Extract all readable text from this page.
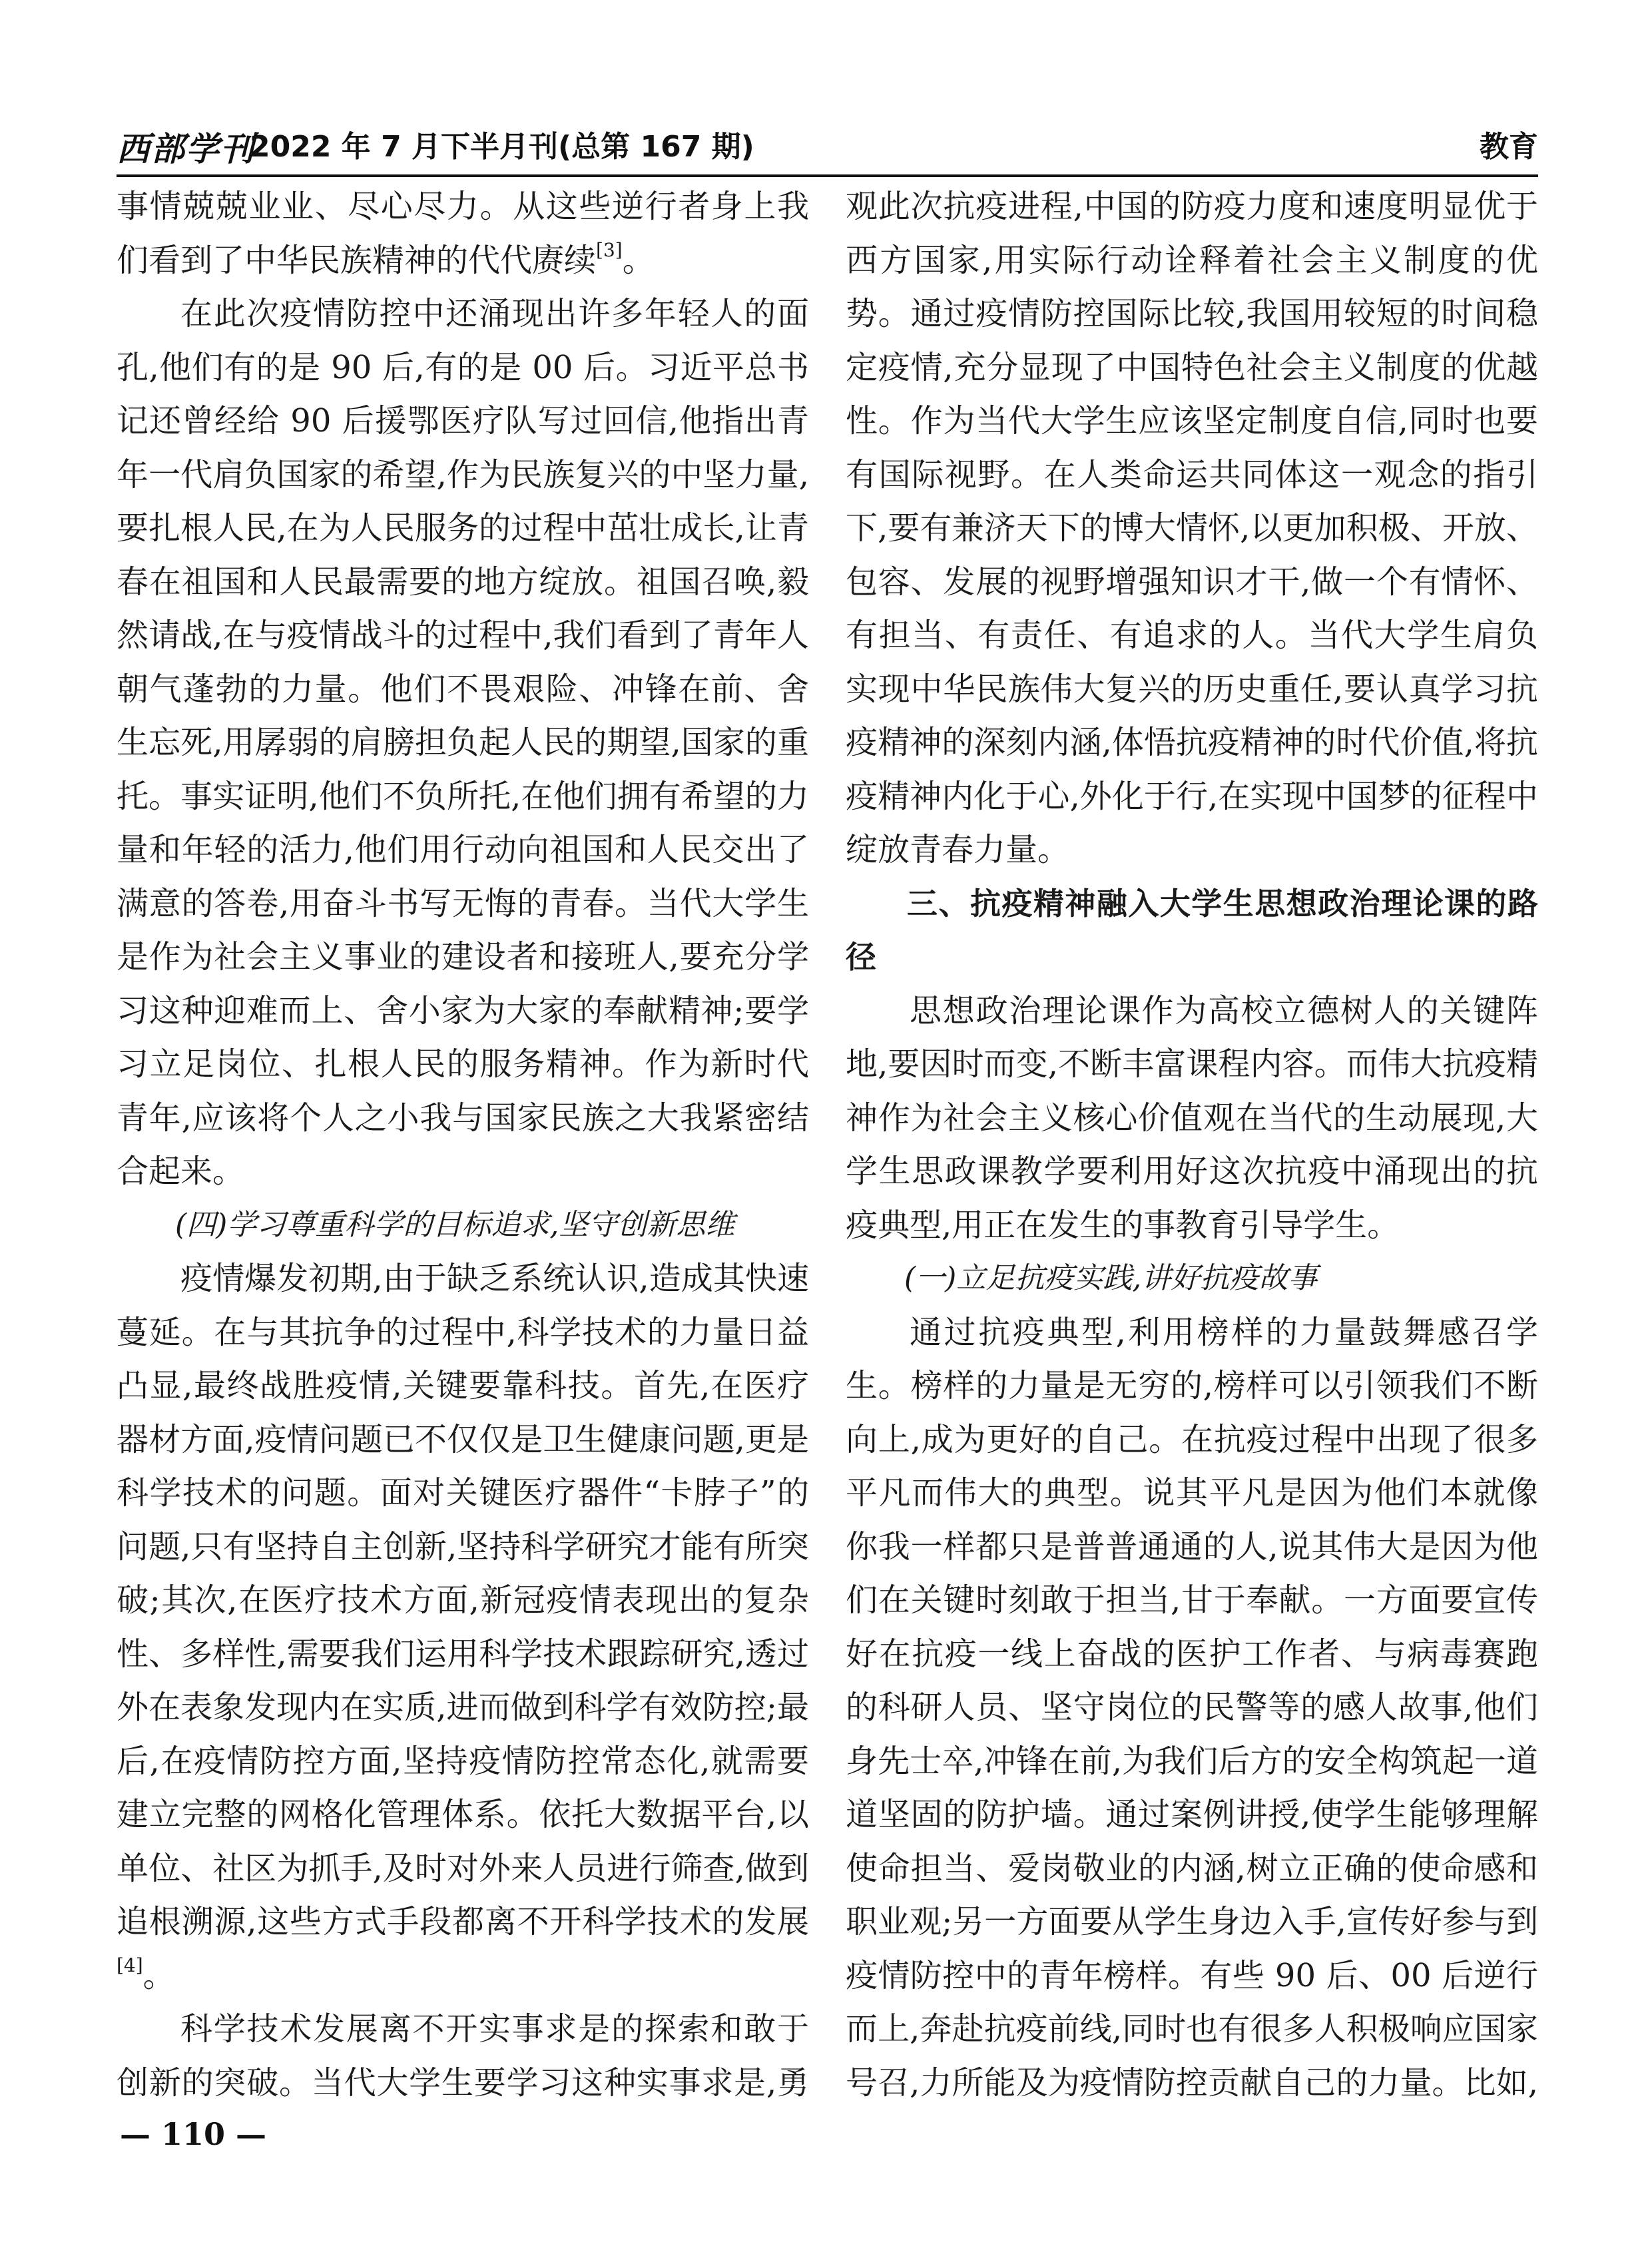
西部学刊
2022 年 7 月下半月刊(总第 167 期)	教育

事情兢兢业业、尽心尽力。从这些逆行者身上我们看到了中华民族精神的代代赓续[3]。

在此次疫情防控中还涌现出许多年轻人的面孔,他们有的是 90 后,有的是 00 后。习近平总书记还曾经给 90 后援鄂医疗队写过回信,他指出青年一代肩负国家的希望,作为民族复兴的中坚力量,要扎根人民,在为人民服务的过程中茁壮成长,让青春在祖国和人民最需要的地方绽放。祖国召唤,毅然请战,在与疫情战斗的过程中,我们看到了青年人朝气蓬勃的力量。他们不畏艰险、冲锋在前、舍生忘死,用孱弱的肩膀担负起人民的期望,国家的重托。事实证明,他们不负所托,在他们拥有希望的力量和年轻的活力,他们用行动向祖国和人民交出了满意的答卷,用奋斗书写无悔的青春。当代大学生是作为社会主义事业的建设者和接班人,要充分学习这种迎难而上、舍小家为大家的奉献精神;要学习立足岗位、扎根人民的服务精神。作为新时代青年,应该将个人之小我与国家民族之大我紧密结合起来。

(四)学习尊重科学的目标追求,坚守创新思维

疫情爆发初期,由于缺乏系统认识,造成其快速蔓延。在与其抗争的过程中,科学技术的力量日益凸显,最终战胜疫情,关键要靠科技。首先,在医疗器材方面,疫情问题已不仅仅是卫生健康问题,更是科学技术的问题。面对关键医疗器件“卡脖子”的问题,只有坚持自主创新,坚持科学研究才能有所突破;其次,在医疗技术方面,新冠疫情表现出的复杂性、多样性,需要我们运用科学技术跟踪研究,透过外在表象发现内在实质,进而做到科学有效防控;最后,在疫情防控方面,坚持疫情防控常态化,就需要建立完整的网格化管理体系。依托大数据平台,以单位、社区为抓手,及时对外来人员进行筛查,做到追根溯源,这些方式手段都离不开科学技术的发展[4]。

科学技术发展离不开实事求是的探索和敢于创新的突破。当代大学生要学习这种实事求是,勇

观此次抗疫进程,中国的防疫力度和速度明显优于西方国家,用实际行动诠释着社会主义制度的优势。通过疫情防控国际比较,我国用较短的时间稳定疫情,充分显现了中国特色社会主义制度的优越性。作为当代大学生应该坚定制度自信,同时也要有国际视野。在人类命运共同体这一观念的指引下,要有兼济天下的博大情怀,以更加积极、开放、包容、发展的视野增强知识才干,做一个有情怀、有担当、有责任、有追求的人。当代大学生肩负实现中华民族伟大复兴的历史重任,要认真学习抗疫精神的深刻内涵,体悟抗疫精神的时代价值,将抗疫精神内化于心,外化于行,在实现中国梦的征程中绽放青春力量。

三、抗疫精神融入大学生思想政治理论课的路径

思想政治理论课作为高校立德树人的关键阵地,要因时而变,不断丰富课程内容。而伟大抗疫精神作为社会主义核心价值观在当代的生动展现,大学生思政课教学要利用好这次抗疫中涌现出的抗疫典型,用正在发生的事教育引导学生。

(一)立足抗疫实践,讲好抗疫故事

通过抗疫典型,利用榜样的力量鼓舞感召学生。榜样的力量是无穷的,榜样可以引领我们不断向上,成为更好的自己。在抗疫过程中出现了很多平凡而伟大的典型。说其平凡是因为他们本就像你我一样都只是普普通通的人,说其伟大是因为他们在关键时刻敢于担当,甘于奉献。一方面要宣传好在抗疫一线上奋战的医护工作者、与病毒赛跑的科研人员、坚守岗位的民警等的感人故事,他们身先士卒,冲锋在前,为我们后方的安全构筑起一道道坚固的防护墙。通过案例讲授,使学生能够理解使命担当、爱岗敬业的内涵,树立正确的使命感和职业观;另一方面要从学生身边入手,宣传好参与到疫情防控中的青年榜样。有些 90 后、00 后逆行而上,奔赴抗疫前线,同时也有很多人积极响应国家号召,力所能及为疫情防控贡献自己的力量。比如,

— 110 —
